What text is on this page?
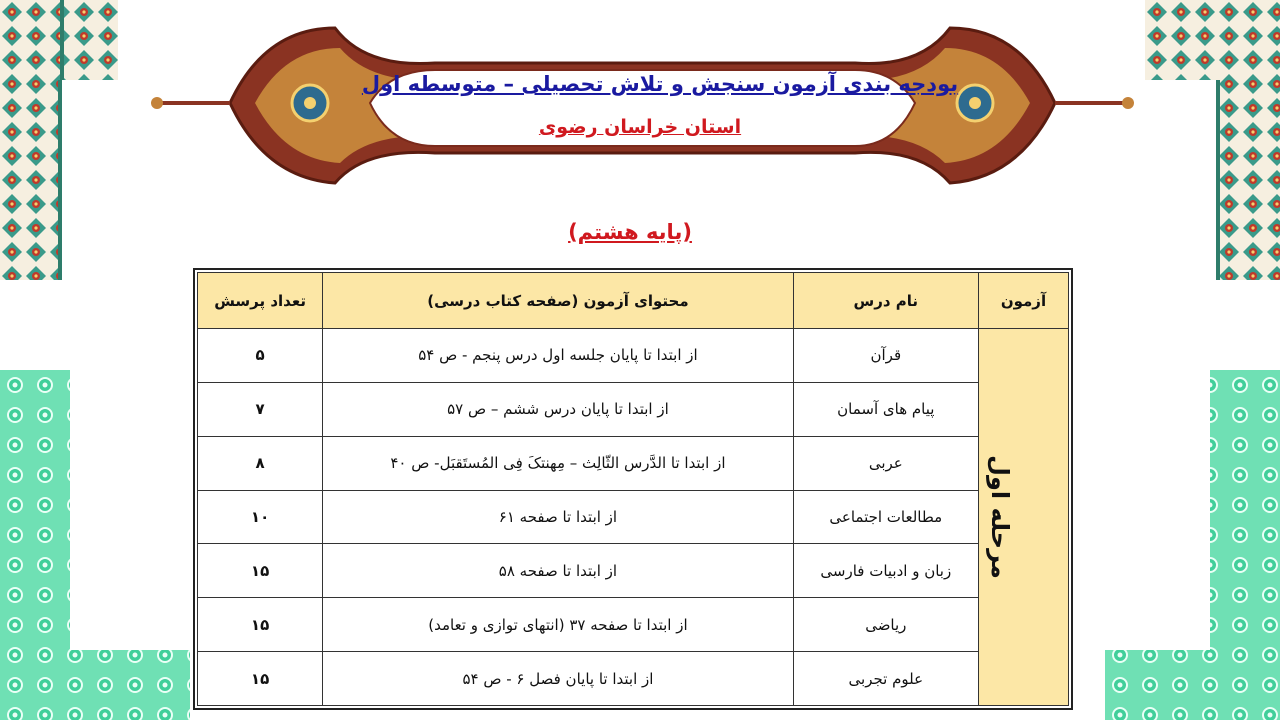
بودجه بندی آزمون سنجش و تلاش تحصیلی – متوسطه اول
استان خراسان رضوی
(پایه هشتم)
آزمون	نام درس	محتوای آزمون (صفحه کتاب درسی)	تعداد پرسش
مرحله اول	قرآن	از ابتدا تا پایان جلسه اول درس پنجم - ص ۵۴	۵
	پیام های آسمان	از ابتدا تا پایان درس ششم – ص ۵۷	۷
	عربی	از ابتدا تا الدَّرس الثّالِث – مِهنتکَ فِی المُستَقبَل- ص ۴۰	۸
	مطالعات اجتماعی	از ابتدا تا صفحه ۶۱	۱۰
	زبان و ادبیات فارسی	از ابتدا تا صفحه ۵۸	۱۵
	ریاضی	از ابتدا تا صفحه ۳۷ (انتهای توازی و تعامد)	۱۵
	علوم تجربی	از ابتدا تا پایان فصل ۶ - ص ۵۴	۱۵
